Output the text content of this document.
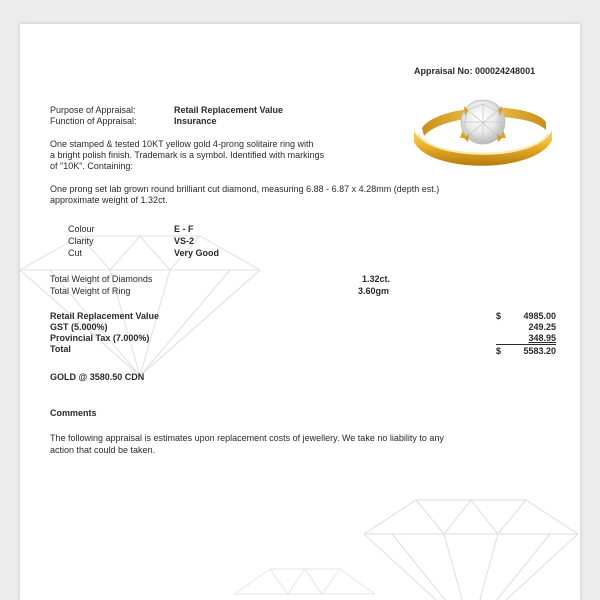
Appraisal No: 000024248001
Purpose of Appraisal:	Retail Replacement Value
Function of Appraisal:	Insurance
One stamped & tested 10KT yellow gold 4-prong solitaire ring with
a bright polish finish. Trademark is a symbol. Identified with markings
of "10K". Containing:
One prong set lab grown round brilliant cut diamond, measuring 6.88 - 6.87 x 4.28mm (depth est.)
approximate weight of 1.32ct.
Colour	E - F
Clarity	VS-2
Cut	Very Good
Total Weight of Diamonds	1.32ct.
Total Weight of Ring	3.60gm
Retail Replacement Value	$	4985.00
GST (5.000%)	249.25
Provincial Tax (7.000%)	348.95
Total	$	5583.20
GOLD @ 3580.50 CDN
Comments
The following appraisal is estimates upon replacement costs of jewellery. We take no liability to any
action that could be taken.
